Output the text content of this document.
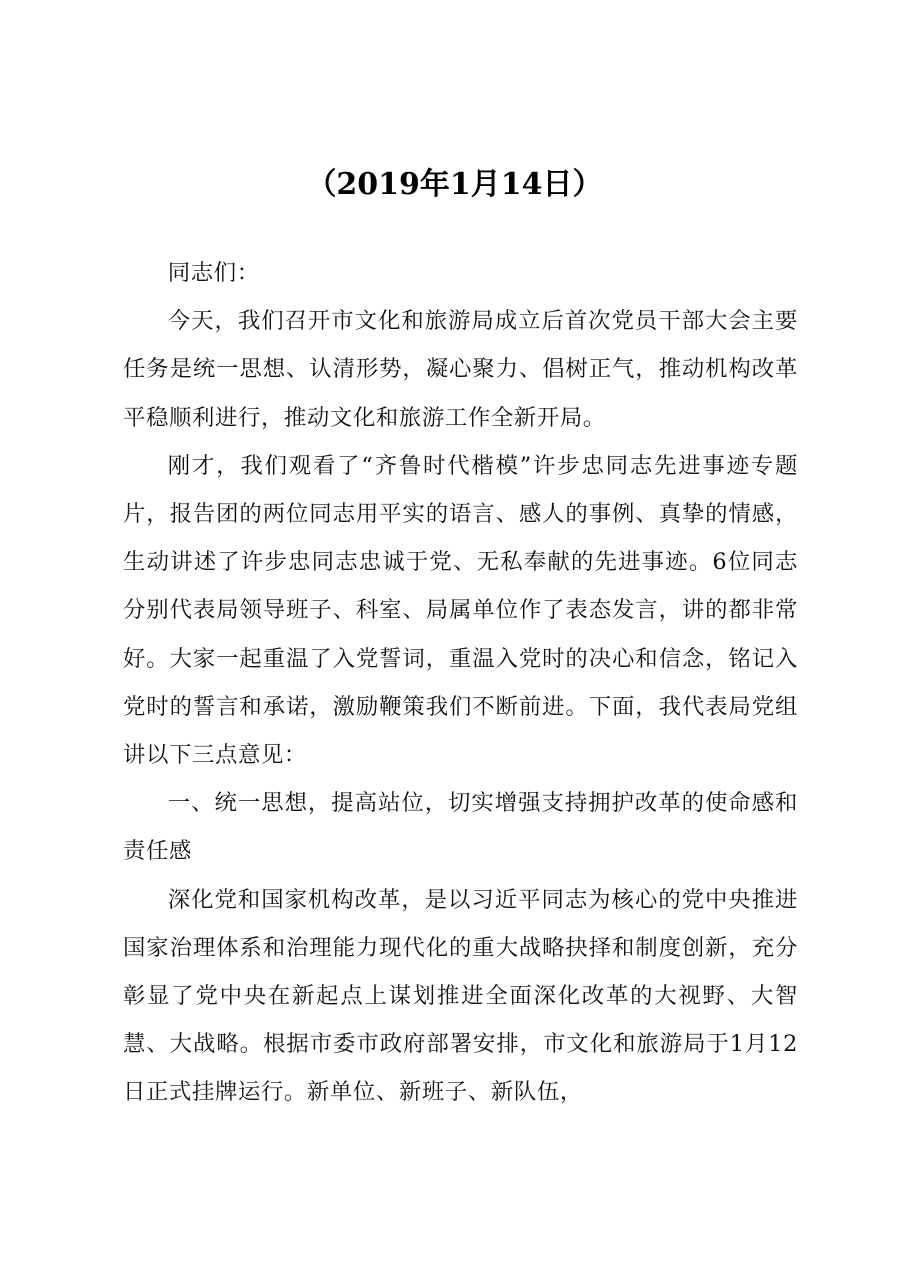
（2019年1月14日）

同志们：

今天，我们召开市文化和旅游局成立后首次党员干部大会主要任务是统一思想、认清形势，凝心聚力、倡树正气，推动机构改革平稳顺利进行，推动文化和旅游工作全新开局。

刚才，我们观看了“齐鲁时代楷模”许步忠同志先进事迹专题片，报告团的两位同志用平实的语言、感人的事例、真挚的情感，生动讲述了许步忠同志忠诚于党、无私奉献的先进事迹。6位同志分别代表局领导班子、科室、局属单位作了表态发言，讲的都非常好。大家一起重温了入党誓词，重温入党时的决心和信念，铭记入党时的誓言和承诺，激励鞭策我们不断前进。下面，我代表局党组讲以下三点意见：

一、统一思想，提高站位，切实增强支持拥护改革的使命感和责任感

深化党和国家机构改革，是以习近平同志为核心的党中央推进国家治理体系和治理能力现代化的重大战略抉择和制度创新，充分彰显了党中央在新起点上谋划推进全面深化改革的大视野、大智慧、大战略。根据市委市政府部署安排，市文化和旅游局于1月12日正式挂牌运行。新单位、新班子、新队伍，
